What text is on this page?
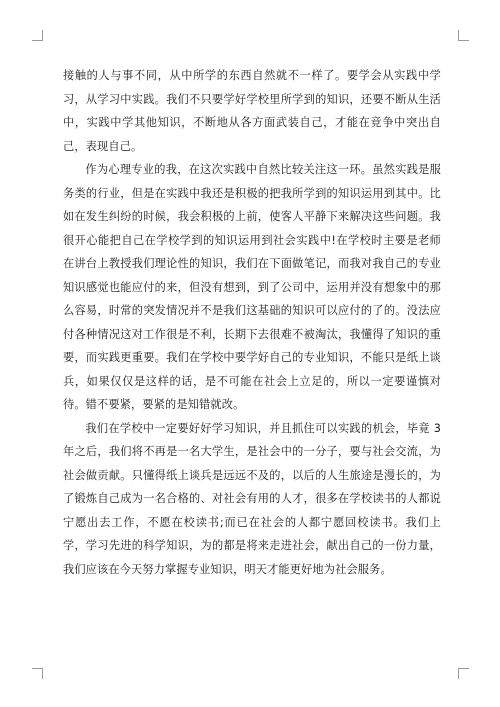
接触的人与事不同，从中所学的东西自然就不一样了。要学会从实践中学习，从学习中实践。我们不只要学好学校里所学到的知识，还要不断从生活中，实践中学其他知识，不断地从各方面武装自己，才能在竞争中突出自己，表现自己。

作为心理专业的我，在这次实践中自然比较关注这一环。虽然实践是服务类的行业，但是在实践中我还是积极的把我所学到的知识运用到其中。比如在发生纠纷的时候，我会积极的上前，使客人平静下来解决这些问题。我很开心能把自己在学校学到的知识运用到社会实践中!在学校时主要是老师在讲台上教授我们理论性的知识，我们在下面做笔记，而我对我自己的专业知识感觉也能应付的来，但没有想到，到了公司中，运用并没有想象中的那么容易，时常的突发情况并不是我们这基础的知识可以应付的了的。没法应付各种情况这对工作很是不利，长期下去很难不被淘汰，我懂得了知识的重要，而实践更重要。我们在学校中要学好自己的专业知识，不能只是纸上谈兵，如果仅仅是这样的话，是不可能在社会上立足的，所以一定要谨慎对待。错不要紧，要紧的是知错就改。

我们在学校中一定要好好学习知识，并且抓住可以实践的机会，毕竟 3 年之后，我们将不再是一名大学生，是社会中的一分子，要与社会交流，为社会做贡献。只懂得纸上谈兵是远远不及的，以后的人生旅途是漫长的，为了锻炼自己成为一名合格的、对社会有用的人才，很多在学校读书的人都说宁愿出去工作，不愿在校读书;而已在社会的人都宁愿回校读书。我们上学，学习先进的科学知识，为的都是将来走进社会，献出自己的一份力量，我们应该在今天努力掌握专业知识，明天才能更好地为社会服务。
